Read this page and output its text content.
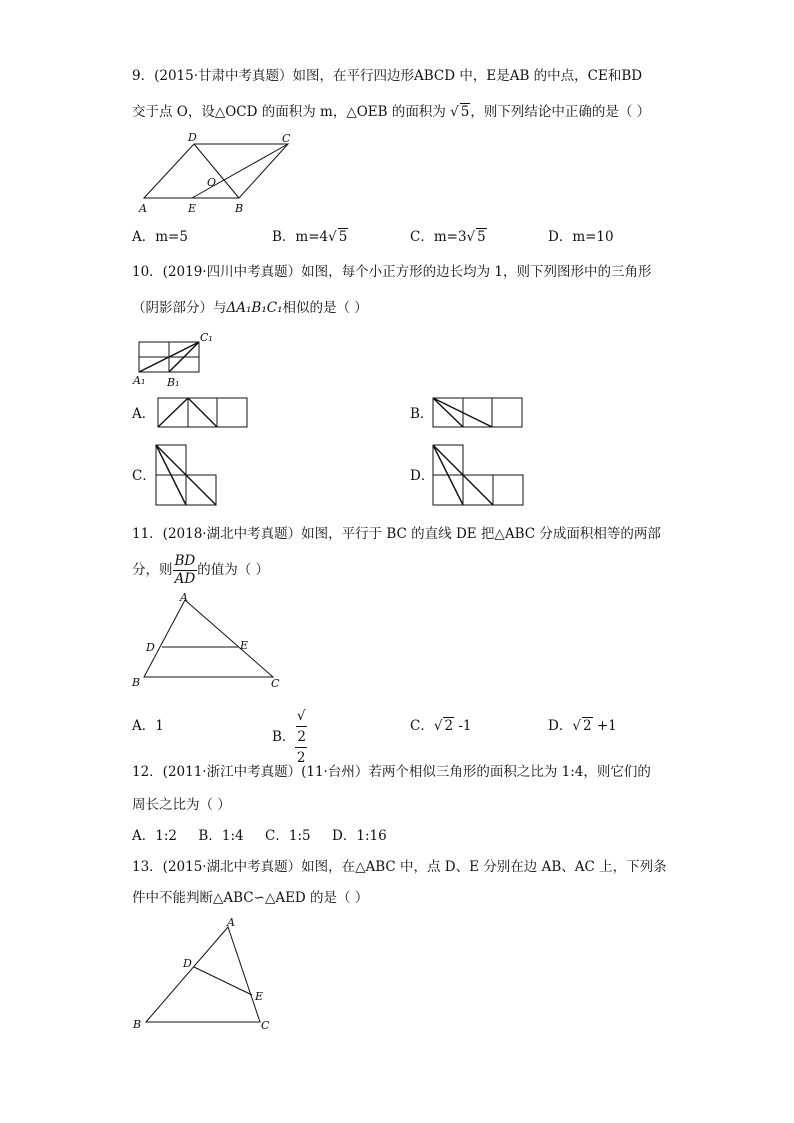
9．(2015·甘肃中考真题）如图，在平行四边形ABCD 中，E是AB 的中点，CE和BD
交于点 O，设△OCD 的面积为 m，△OEB 的面积为 √ 5，则下列结论中正确的是（ ）
D	C
O
A	E	B
A．m=5	B．m=4√ 5	C．m=3√ 5	D．m=10
10．(2019·四川中考真题）如图，每个小正方形的边长均为 1，则下列图形中的三角形
（阴影部分）与ΔA₁B₁C₁相似的是（ ）
C₁
A₁ B₁
A．	B．
C．	D．
11．(2018·湖北中考真题）如图，平行于 BC 的直线 DE 把△ABC 分成面积相等的两部
分，则 $\frac{BD}{AD}$ 的值为（ ）
A
D	E
B	C
A．1
B． √
2
2	C．√ 2 -1	D．√ 2 +1
12．(2011·浙江中考真题）(11·台州）若两个相似三角形的面积之比为 1:4，则它们的
周长之比为（ ）
A．1:2     B．1:4     C．1:5     D．1:16
13．(2015·湖北中考真题）如图，在△ABC 中，点 D、E 分别在边 AB、AC 上，下列条
件中不能判断△ABC∽△AED 的是（ ）
A
D
E
B	C
